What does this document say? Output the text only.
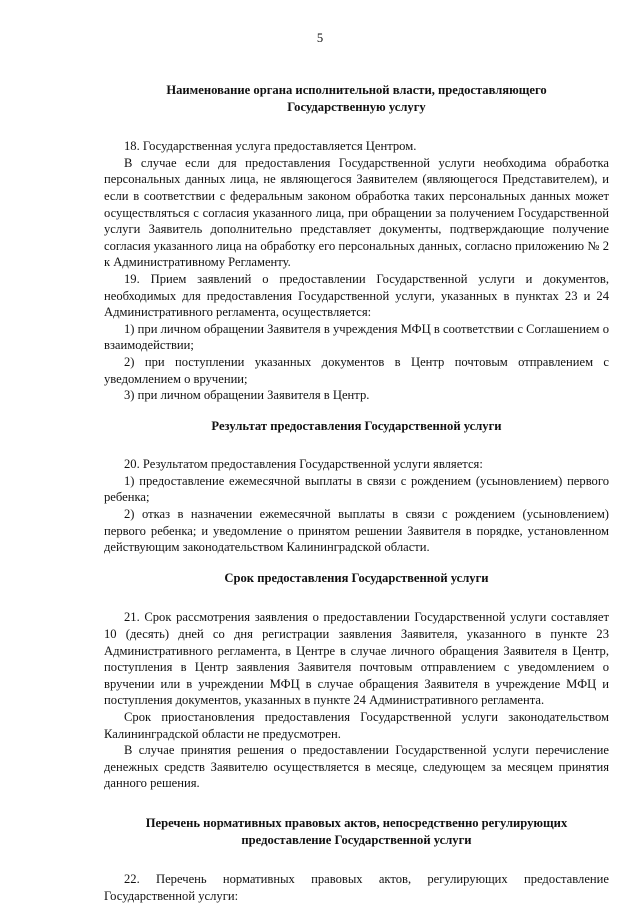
5

Наименование органа исполнительной власти, предоставляющего Государственную услугу

18. Государственная услуга предоставляется Центром.

В случае если для предоставления Государственной услуги необходима обработка персональных данных лица, не являющегося Заявителем (являющегося Представителем), и если в соответствии с федеральным законом обработка таких персональных данных может осуществляться с согласия указанного лица, при обращении за получением Государственной услуги Заявитель дополнительно представляет документы, подтверждающие получение согласия указанного лица на обработку его персональных данных, согласно приложению № 2 к Административному Регламенту.

19. Прием заявлений о предоставлении Государственной услуги и документов, необходимых для предоставления Государственной услуги, указанных в пунктах 23 и 24 Административного регламента, осуществляется:

1) при личном обращении Заявителя в учреждения МФЦ в соответствии с Соглашением о взаимодействии;

2) при поступлении указанных документов в Центр почтовым отправлением с уведомлением о вручении;

3) при личном обращении Заявителя в Центр.

Результат предоставления Государственной услуги

20. Результатом предоставления Государственной услуги является:

1) предоставление ежемесячной выплаты в связи с рождением (усыновлением) первого ребенка;

2) отказ в назначении ежемесячной выплаты в связи с рождением (усыновлением) первого ребенка; и уведомление о принятом решении Заявителя в порядке, установленном действующим законодательством Калининградской области.

Срок предоставления Государственной услуги

21. Срок рассмотрения заявления о предоставлении Государственной услуги составляет 10 (десять) дней со дня регистрации заявления Заявителя, указанного в пункте 23 Административного регламента, в Центре в случае личного обращения Заявителя в Центр, поступления в Центр заявления Заявителя почтовым отправлением с уведомлением о вручении или в учреждении МФЦ в случае обращения Заявителя в учреждение МФЦ и поступления документов, указанных в пункте 24 Административного регламента.

Срок приостановления предоставления Государственной услуги законодательством Калининградской области не предусмотрен.

В случае принятия решения о предоставлении Государственной услуги перечисление денежных средств Заявителю осуществляется в месяце, следующем за месяцем принятия данного решения.

Перечень нормативных правовых актов, непосредственно регулирующих предоставление Государственной услуги

22. Перечень нормативных правовых актов, регулирующих предоставление Государственной услуги:
